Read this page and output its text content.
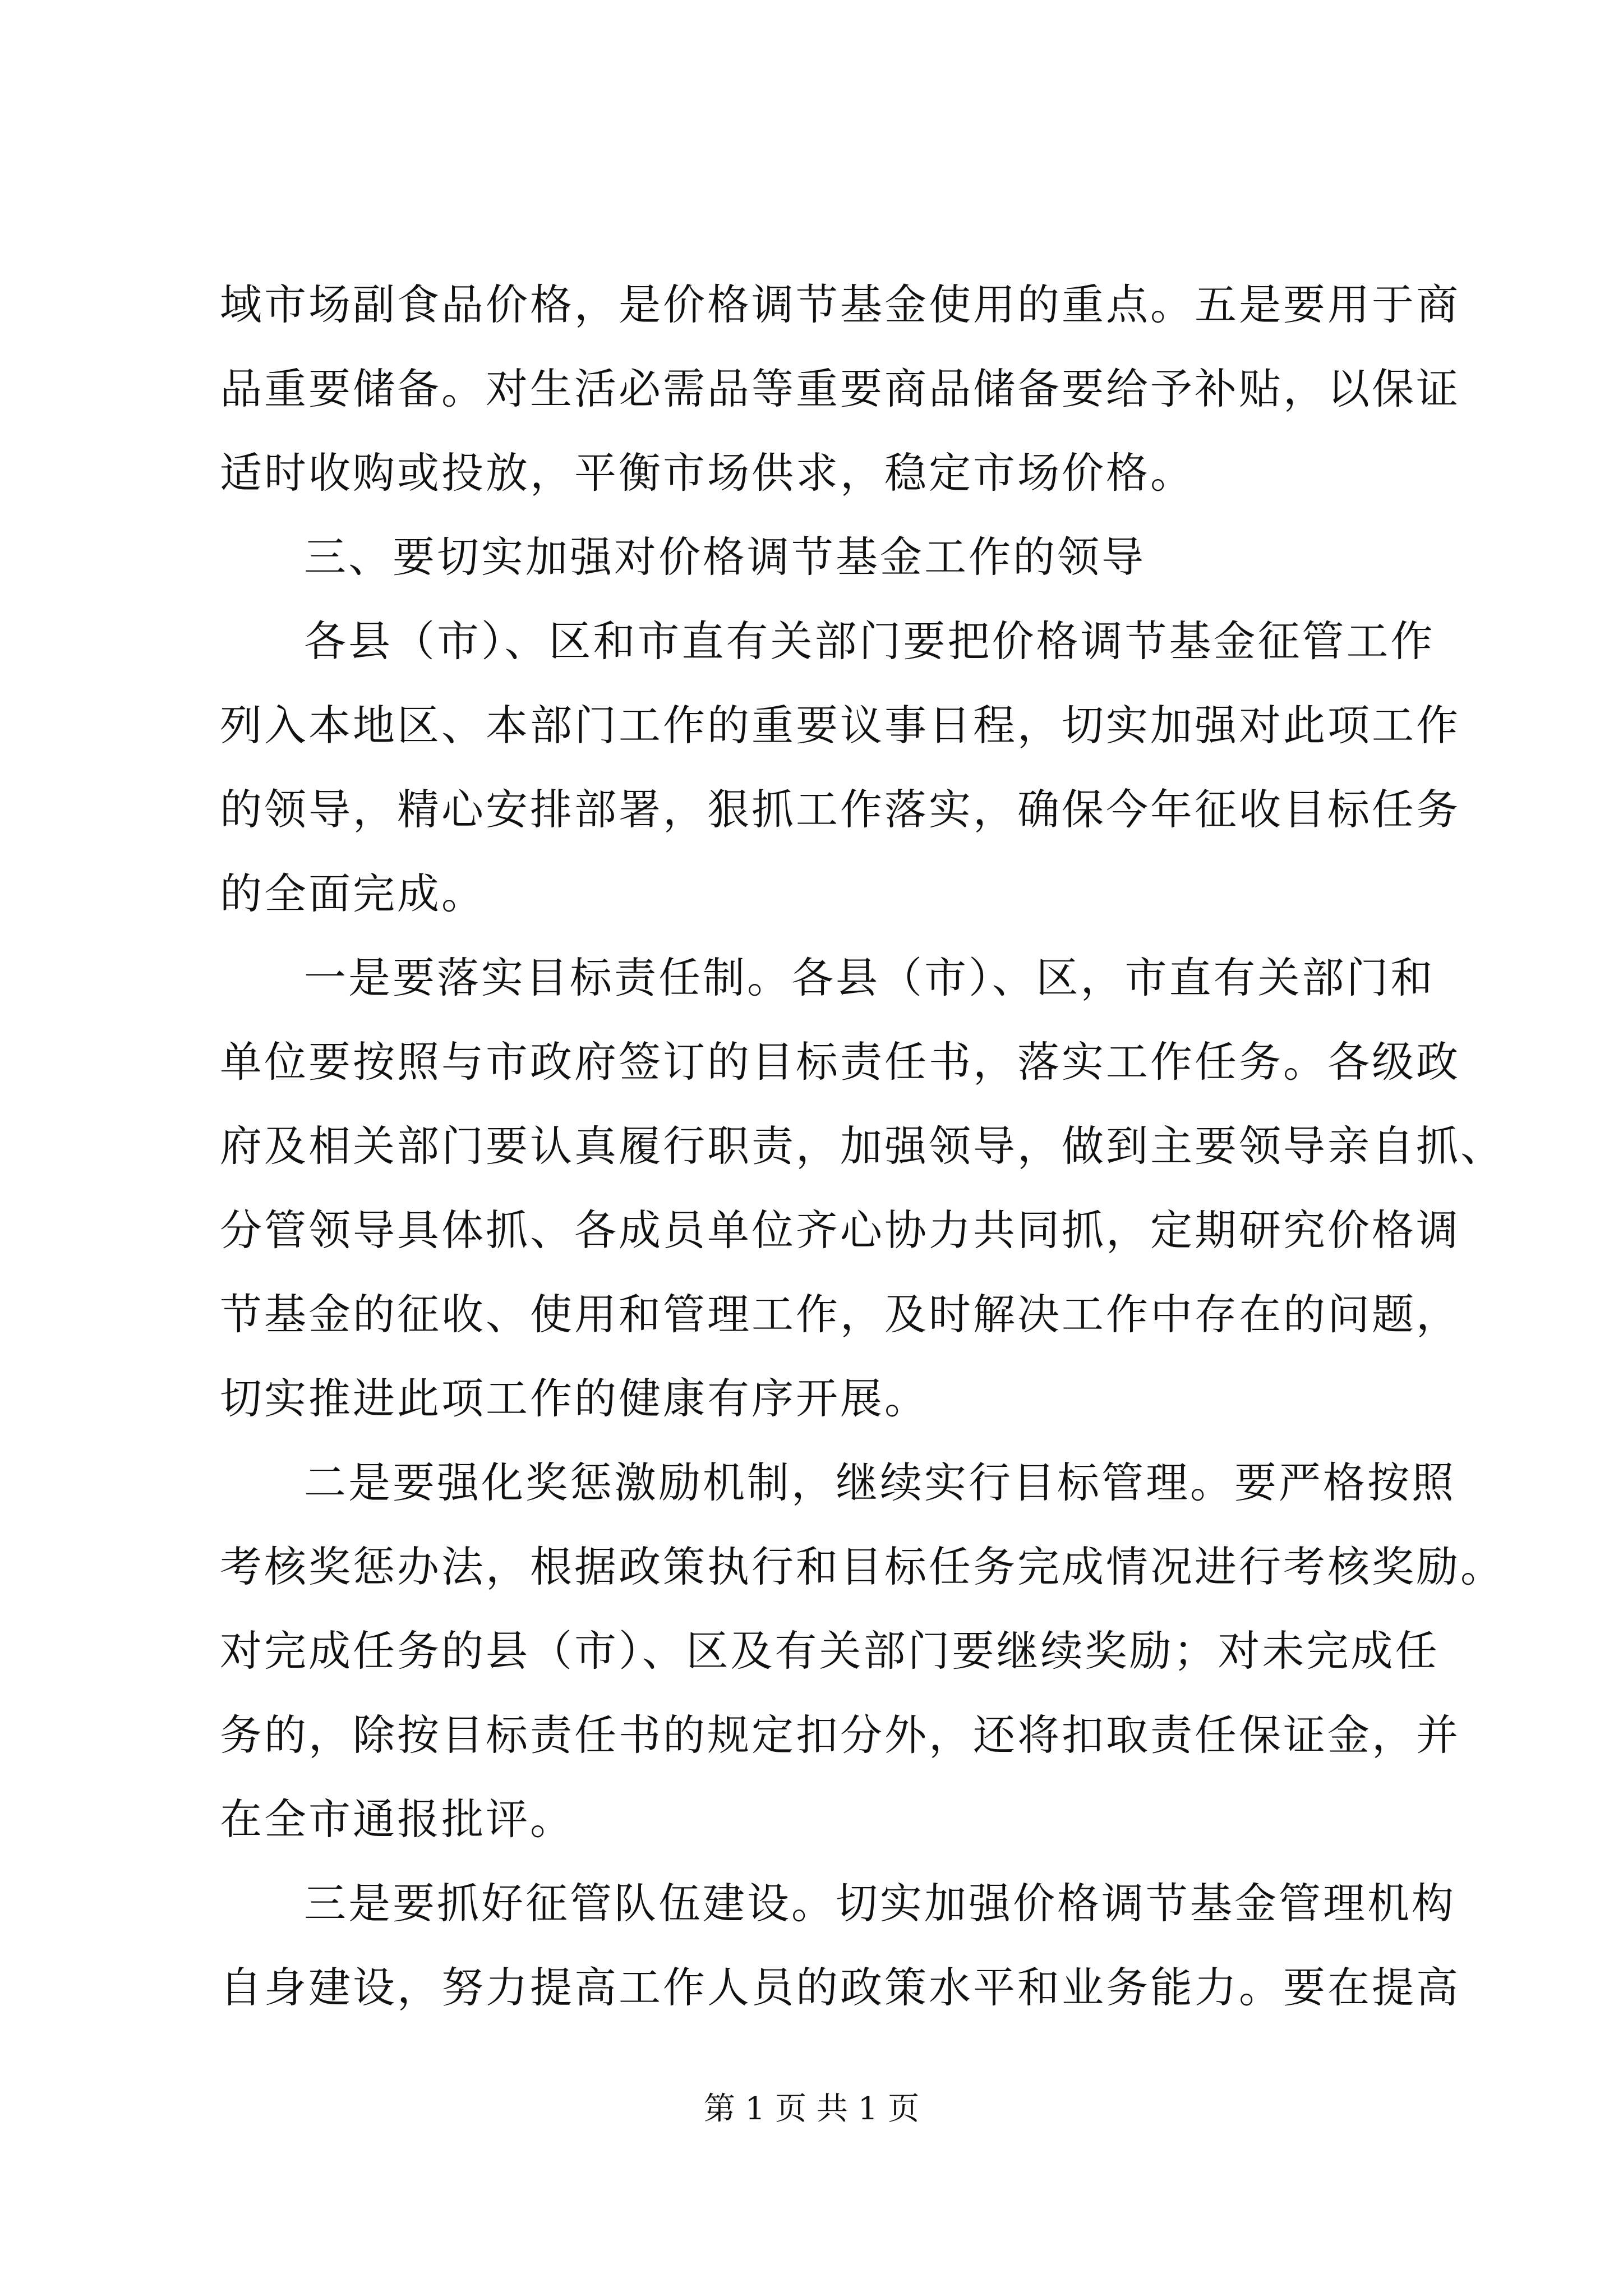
域市场副食品价格，是价格调节基金使用的重点。五是要用于商
品重要储备。对生活必需品等重要商品储备要给予补贴，以保证
适时收购或投放，平衡市场供求，稳定市场价格。
三、要切实加强对价格调节基金工作的领导
各县（市）、区和市直有关部门要把价格调节基金征管工作
列入本地区、本部门工作的重要议事日程，切实加强对此项工作
的领导，精心安排部署，狠抓工作落实，确保今年征收目标任务
的全面完成。
一是要落实目标责任制。各县（市）、区，市直有关部门和
单位要按照与市政府签订的目标责任书，落实工作任务。各级政
府及相关部门要认真履行职责，加强领导，做到主要领导亲自抓、
分管领导具体抓、各成员单位齐心协力共同抓，定期研究价格调
节基金的征收、使用和管理工作，及时解决工作中存在的问题，
切实推进此项工作的健康有序开展。
二是要强化奖惩激励机制，继续实行目标管理。要严格按照
考核奖惩办法，根据政策执行和目标任务完成情况进行考核奖励。
对完成任务的县（市）、区及有关部门要继续奖励；对未完成任
务的，除按目标责任书的规定扣分外，还将扣取责任保证金，并
在全市通报批评。
三是要抓好征管队伍建设。切实加强价格调节基金管理机构
自身建设，努力提高工作人员的政策水平和业务能力。要在提高
第 1 页 共 1 页
